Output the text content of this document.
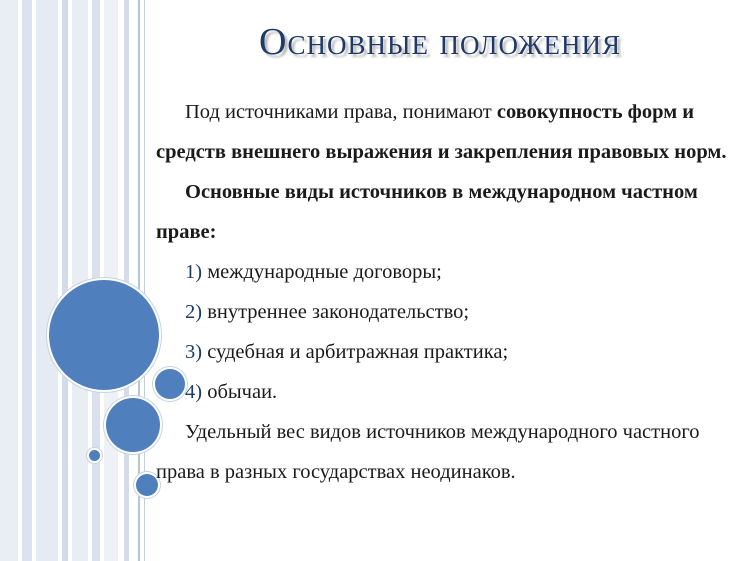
Основные положения

Под источниками права, понимают совокупность форм и средств внешнего выражения и закрепления правовых норм.

Основные виды источников в международном частном праве:

1) международные договоры;

2) внутреннее законодательство;

3) судебная и арбитражная практика;

4) обычаи.

Удельный вес видов источников международного частного права в разных государствах неодинаков.
